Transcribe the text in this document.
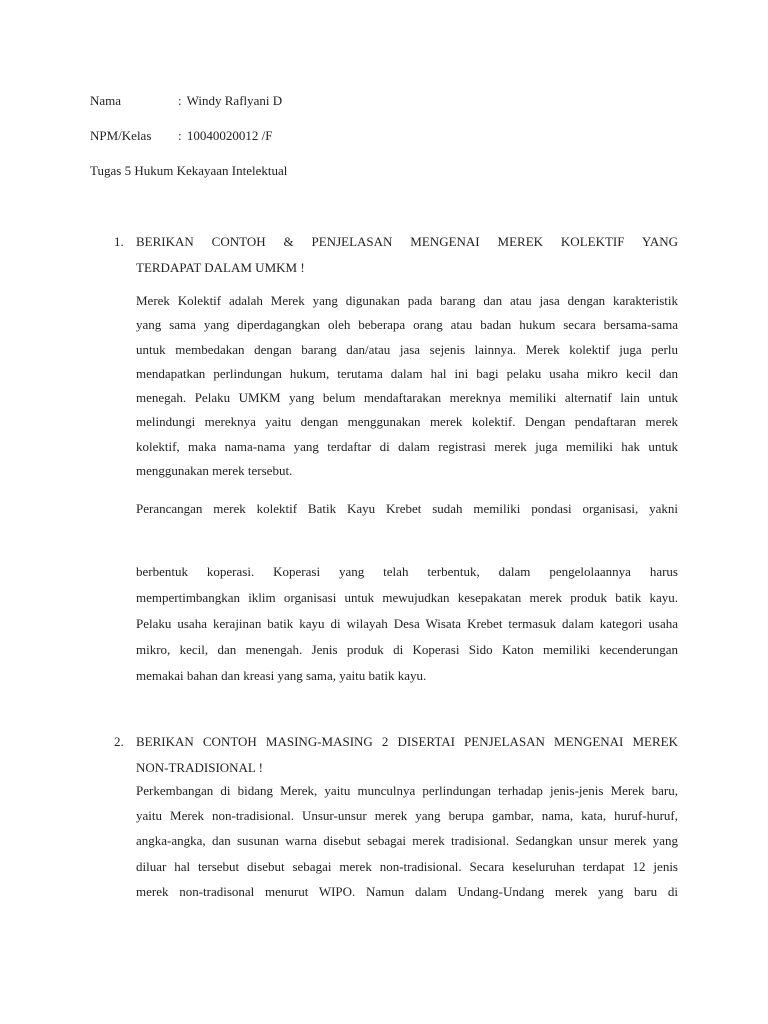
Nama	: Windy Raflyani D
NPM/Kelas : 10040020012 /F
Tugas 5 Hukum Kekayaan Intelektual
1. BERIKAN CONTOH & PENJELASAN MENGENAI MEREK KOLEKTIF YANG
TERDAPAT DALAM UMKM !
Merek Kolektif adalah Merek yang digunakan pada barang dan atau jasa dengan karakteristik
yang sama yang diperdagangkan oleh beberapa orang atau badan hukum secara bersama-sama
untuk membedakan dengan barang dan/atau jasa sejenis lainnya. Merek kolektif juga perlu
mendapatkan perlindungan hukum, terutama dalam hal ini bagi pelaku usaha mikro kecil dan
menegah. Pelaku UMKM yang belum mendaftarakan mereknya memiliki alternatif lain untuk
melindungi mereknya yaitu dengan menggunakan merek kolektif. Dengan pendaftaran merek
kolektif, maka nama-nama yang terdaftar di dalam registrasi merek juga memiliki hak untuk
menggunakan merek tersebut.
Perancangan merek kolektif Batik Kayu Krebet sudah memiliki pondasi organisasi, yakni
berbentuk koperasi. Koperasi yang telah terbentuk, dalam pengelolaannya harus
mempertimbangkan iklim organisasi untuk mewujudkan kesepakatan merek produk batik kayu.
Pelaku usaha kerajinan batik kayu di wilayah Desa Wisata Krebet termasuk dalam kategori usaha
mikro, kecil, dan menengah. Jenis produk di Koperasi Sido Katon memiliki kecenderungan
memakai bahan dan kreasi yang sama, yaitu batik kayu.
2. BERIKAN CONTOH MASING-MASING 2 DISERTAI PENJELASAN MENGENAI MEREK
NON-TRADISIONAL !
Perkembangan di bidang Merek, yaitu munculnya perlindungan terhadap jenis-jenis Merek baru,
yaitu Merek non-tradisional. Unsur-unsur merek yang berupa gambar, nama, kata, huruf-huruf,
angka-angka, dan susunan warna disebut sebagai merek tradisional. Sedangkan unsur merek yang
diluar hal tersebut disebut sebagai merek non-tradisional. Secara keseluruhan terdapat 12 jenis
merek non-tradisonal menurut WIPO. Namun dalam Undang-Undang merek yang baru di
